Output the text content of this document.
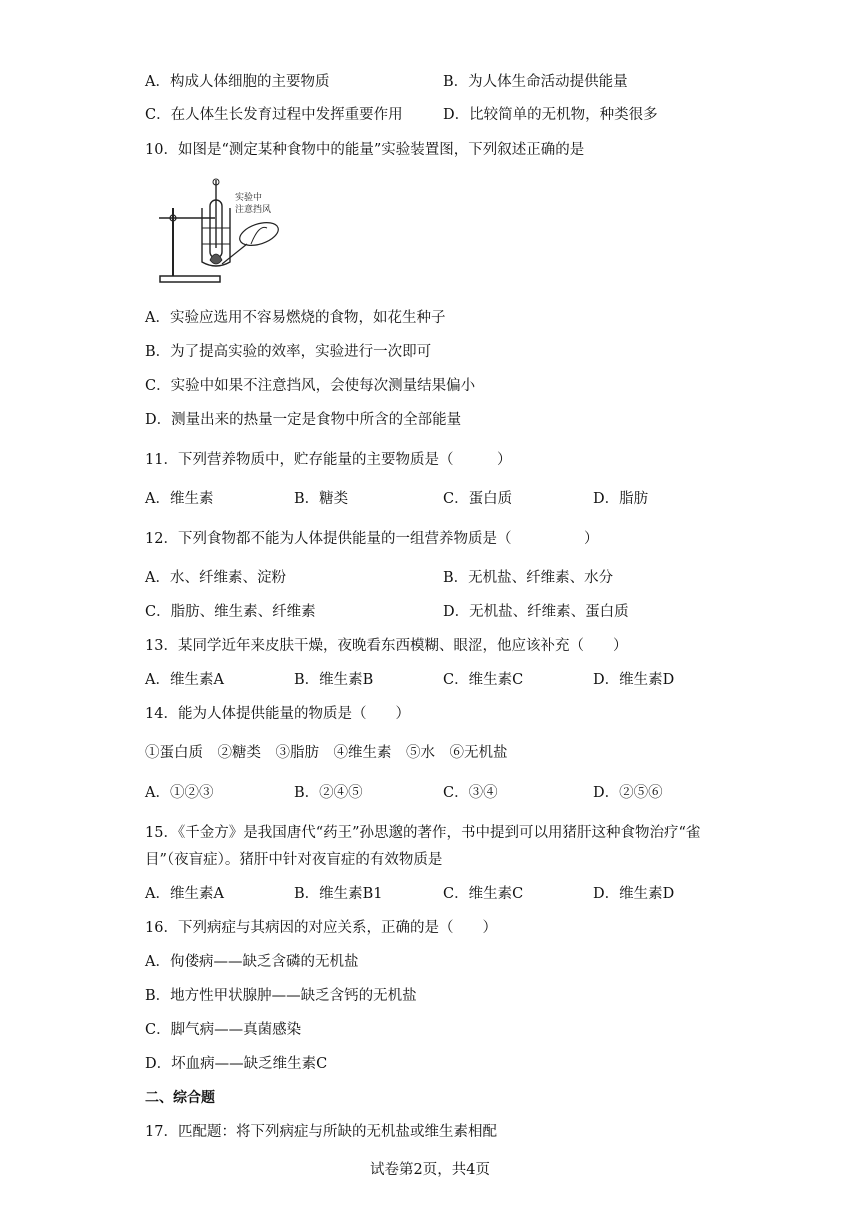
A．构成人体细胞的主要物质	B．为人体生命活动提供能量
C．在人体生长发育过程中发挥重要作用	D．比较简单的无机物，种类很多
10．如图是“测定某种食物中的能量”实验装置图，下列叙述正确的是
实验中
注意挡风
A．实验应选用不容易燃烧的食物，如花生种子
B．为了提高实验的效率，实验进行一次即可
C．实验中如果不注意挡风，会使每次测量结果偏小
D．测量出来的热量一定是食物中所含的全部能量
11．下列营养物质中，贮存能量的主要物质是（　　　）
A．维生素	B．糖类	C．蛋白质	D．脂肪
12．下列食物都不能为人体提供能量的一组营养物质是（　　　　　）
A．水、纤维素、淀粉	B．无机盐、纤维素、水分
C．脂肪、维生素、纤维素	D．无机盐、纤维素、蛋白质
13．某同学近年来皮肤干燥，夜晚看东西模糊、眼涩，他应该补充（　　）
A．维生素A	B．维生素B	C．维生素C	D．维生素D
14．能为人体提供能量的物质是（　　）
①蛋白质　②糖类　③脂肪　④维生素　⑤水　⑥无机盐
A．①②③	B．②④⑤	C．③④	D．②⑤⑥
15．《千金方》是我国唐代“药王”孙思邈的著作，书中提到可以用猪肝这种食物治疗“雀
目”（夜盲症）。猪肝中针对夜盲症的有效物质是
A．维生素A	B．维生素B1	C．维生素C	D．维生素D
16．下列病症与其病因的对应关系，正确的是（　　）
A．佝偻病——缺乏含磷的无机盐
B．地方性甲状腺肿——缺乏含钙的无机盐
C．脚气病——真菌感染
D．坏血病——缺乏维生素C
二、综合题
17．匹配题：将下列病症与所缺的无机盐或维生素相配
试卷第2页，共4页
